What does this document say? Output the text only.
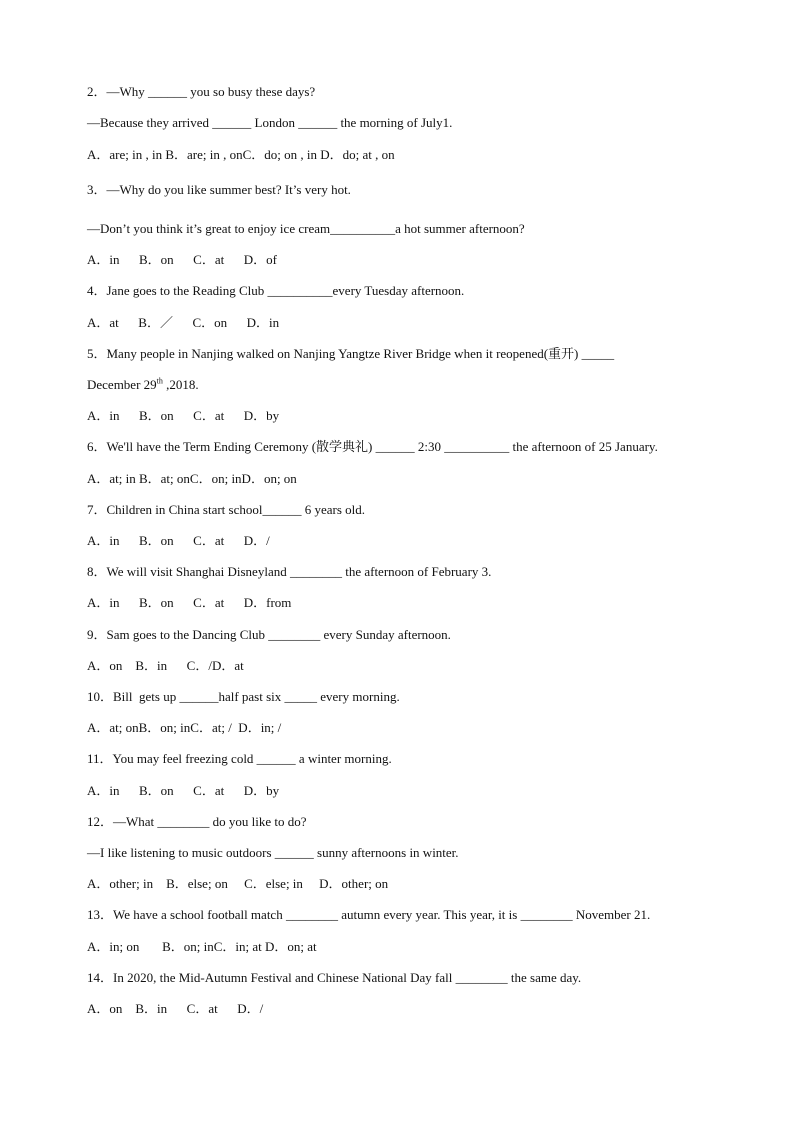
2．—Why ______ you so busy these days?
—Because they arrived ______ London ______ the morning of July1.
A．are; in , in B．are; in , onC．do; on , in D．do; at , on
3．—Why do you like summer best? It’s very hot.
—Don’t you think it’s great to enjoy ice cream__________a hot summer afternoon?
A．in      B．on      C．at      D．of
4．Jane goes to the Reading Club __________every Tuesday afternoon.
A．at      B．／      C．on      D．in
5．Many people in Nanjing walked on Nanjing Yangtze River Bridge when it reopened(重开) _____
December 29th ,2018.
A．in      B．on      C．at      D．by
6．We'll have the Term Ending Ceremony (散学典礼) ______ 2:30 __________ the afternoon of 25 January.
A．at; in B．at; onC．on; inD．on; on
7．Children in China start school______ 6 years old.
A．in      B．on      C．at      D．/
8．We will visit Shanghai Disneyland ________ the afternoon of February 3.
A．in      B．on      C．at      D．from
9．Sam goes to the Dancing Club ________ every Sunday afternoon.
A．on    B．in      C．/D．at
10．Bill  gets up ______half past six _____ every morning.
A．at; onB．on; inC．at; /  D．in; /
11．You may feel freezing cold ______ a winter morning.
A．in      B．on      C．at      D．by
12．—What ________ do you like to do?
—I like listening to music outdoors ______ sunny afternoons in winter.
A．other; in    B．else; on     C．else; in     D．other; on
13．We have a school football match ________ autumn every year. This year, it is ________ November 21.
A．in; on       B．on; inC．in; at D．on; at
14．In 2020, the Mid-Autumn Festival and Chinese National Day fall ________ the same day.
A．on    B．in      C．at      D．/
